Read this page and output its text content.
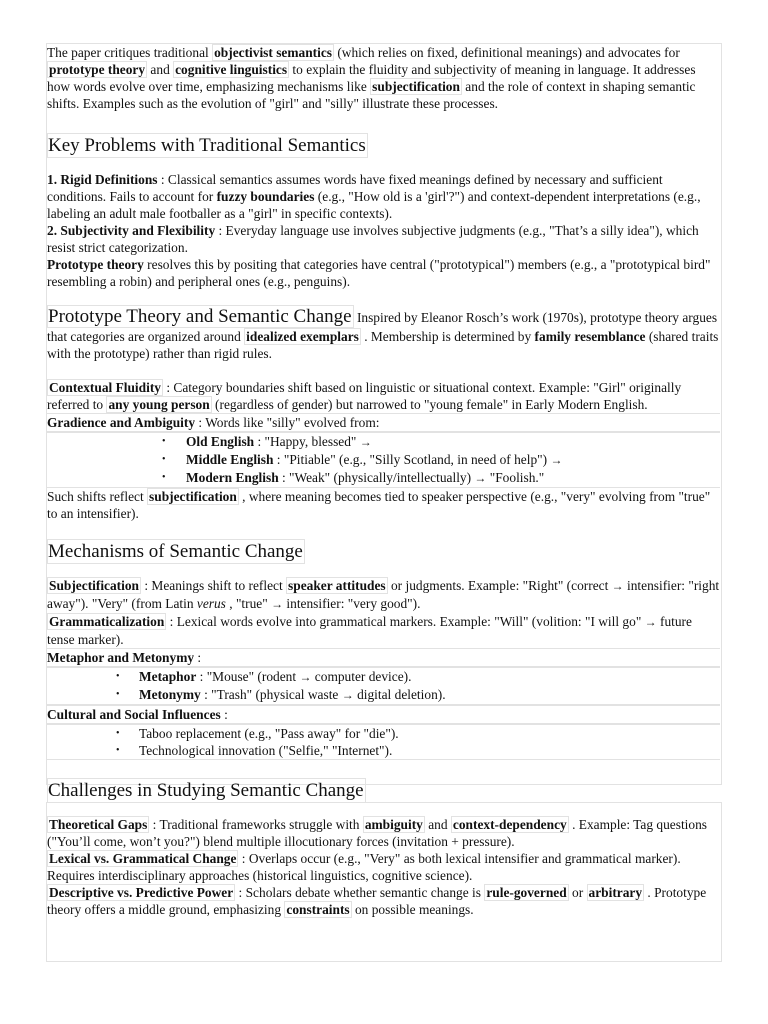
The paper critiques traditional objectivist semantics (which relies on fixed, definitional meanings) and advocates for prototype theory and cognitive linguistics to explain the fluidity and subjectivity of meaning in language. It addresses how words evolve over time, emphasizing mechanisms like subjectification and the role of context in shaping semantic shifts. Examples such as the evolution of "girl" and "silly" illustrate these processes.

Key Problems with Traditional Semantics

1. Rigid Definitions : Classical semantics assumes words have fixed meanings defined by necessary and sufficient conditions. Fails to account for fuzzy boundaries (e.g., "How old is a 'girl'?") and context-dependent interpretations (e.g., labeling an adult male footballer as a "girl" in specific contexts).

2. Subjectivity and Flexibility : Everyday language use involves subjective judgments (e.g., "That’s a silly idea"), which resist strict categorization.

Prototype theory resolves this by positing that categories have central ("prototypical") members (e.g., a "prototypical bird" resembling a robin) and peripheral ones (e.g., penguins).

Prototype Theory and Semantic Change Inspired by Eleanor Rosch’s work (1970s), prototype theory argues that categories are organized around idealized exemplars . Membership is determined by family resemblance (shared traits with the prototype) rather than rigid rules.

Contextual Fluidity : Category boundaries shift based on linguistic or situational context. Example: "Girl" originally referred to any young person (regardless of gender) but narrowed to "young female" in Early Modern English.

Gradience and Ambiguity : Words like "silly" evolved from:

• Old English : "Happy, blessed" →
• Middle English : "Pitiable" (e.g., "Silly Scotland, in need of help") →
• Modern English : "Weak" (physically/intellectually) → "Foolish."

Such shifts reflect subjectification , where meaning becomes tied to speaker perspective (e.g., "very" evolving from "true" to an intensifier).

Mechanisms of Semantic Change

Subjectification : Meanings shift to reflect speaker attitudes or judgments. Example: "Right" (correct → intensifier: "right away"). "Very" (from Latin verus , "true" → intensifier: "very good").

Grammaticalization : Lexical words evolve into grammatical markers. Example: "Will" (volition: "I will go" → future tense marker).

Metaphor and Metonymy :

• Metaphor : "Mouse" (rodent → computer device).
• Metonymy : "Trash" (physical waste → digital deletion).

Cultural and Social Influences :

• Taboo replacement (e.g., "Pass away" for "die").
• Technological innovation ("Selfie," "Internet").
Challenges in Studying Semantic Change

Theoretical Gaps : Traditional frameworks struggle with ambiguity and context-dependency . Example: Tag questions ("You’ll come, won’t you?") blend multiple illocutionary forces (invitation + pressure).

Lexical vs. Grammatical Change : Overlaps occur (e.g., "Very" as both lexical intensifier and grammatical marker). Requires interdisciplinary approaches (historical linguistics, cognitive science).

Descriptive vs. Predictive Power : Scholars debate whether semantic change is rule-governed or arbitrary . Prototype theory offers a middle ground, emphasizing constraints on possible meanings.
